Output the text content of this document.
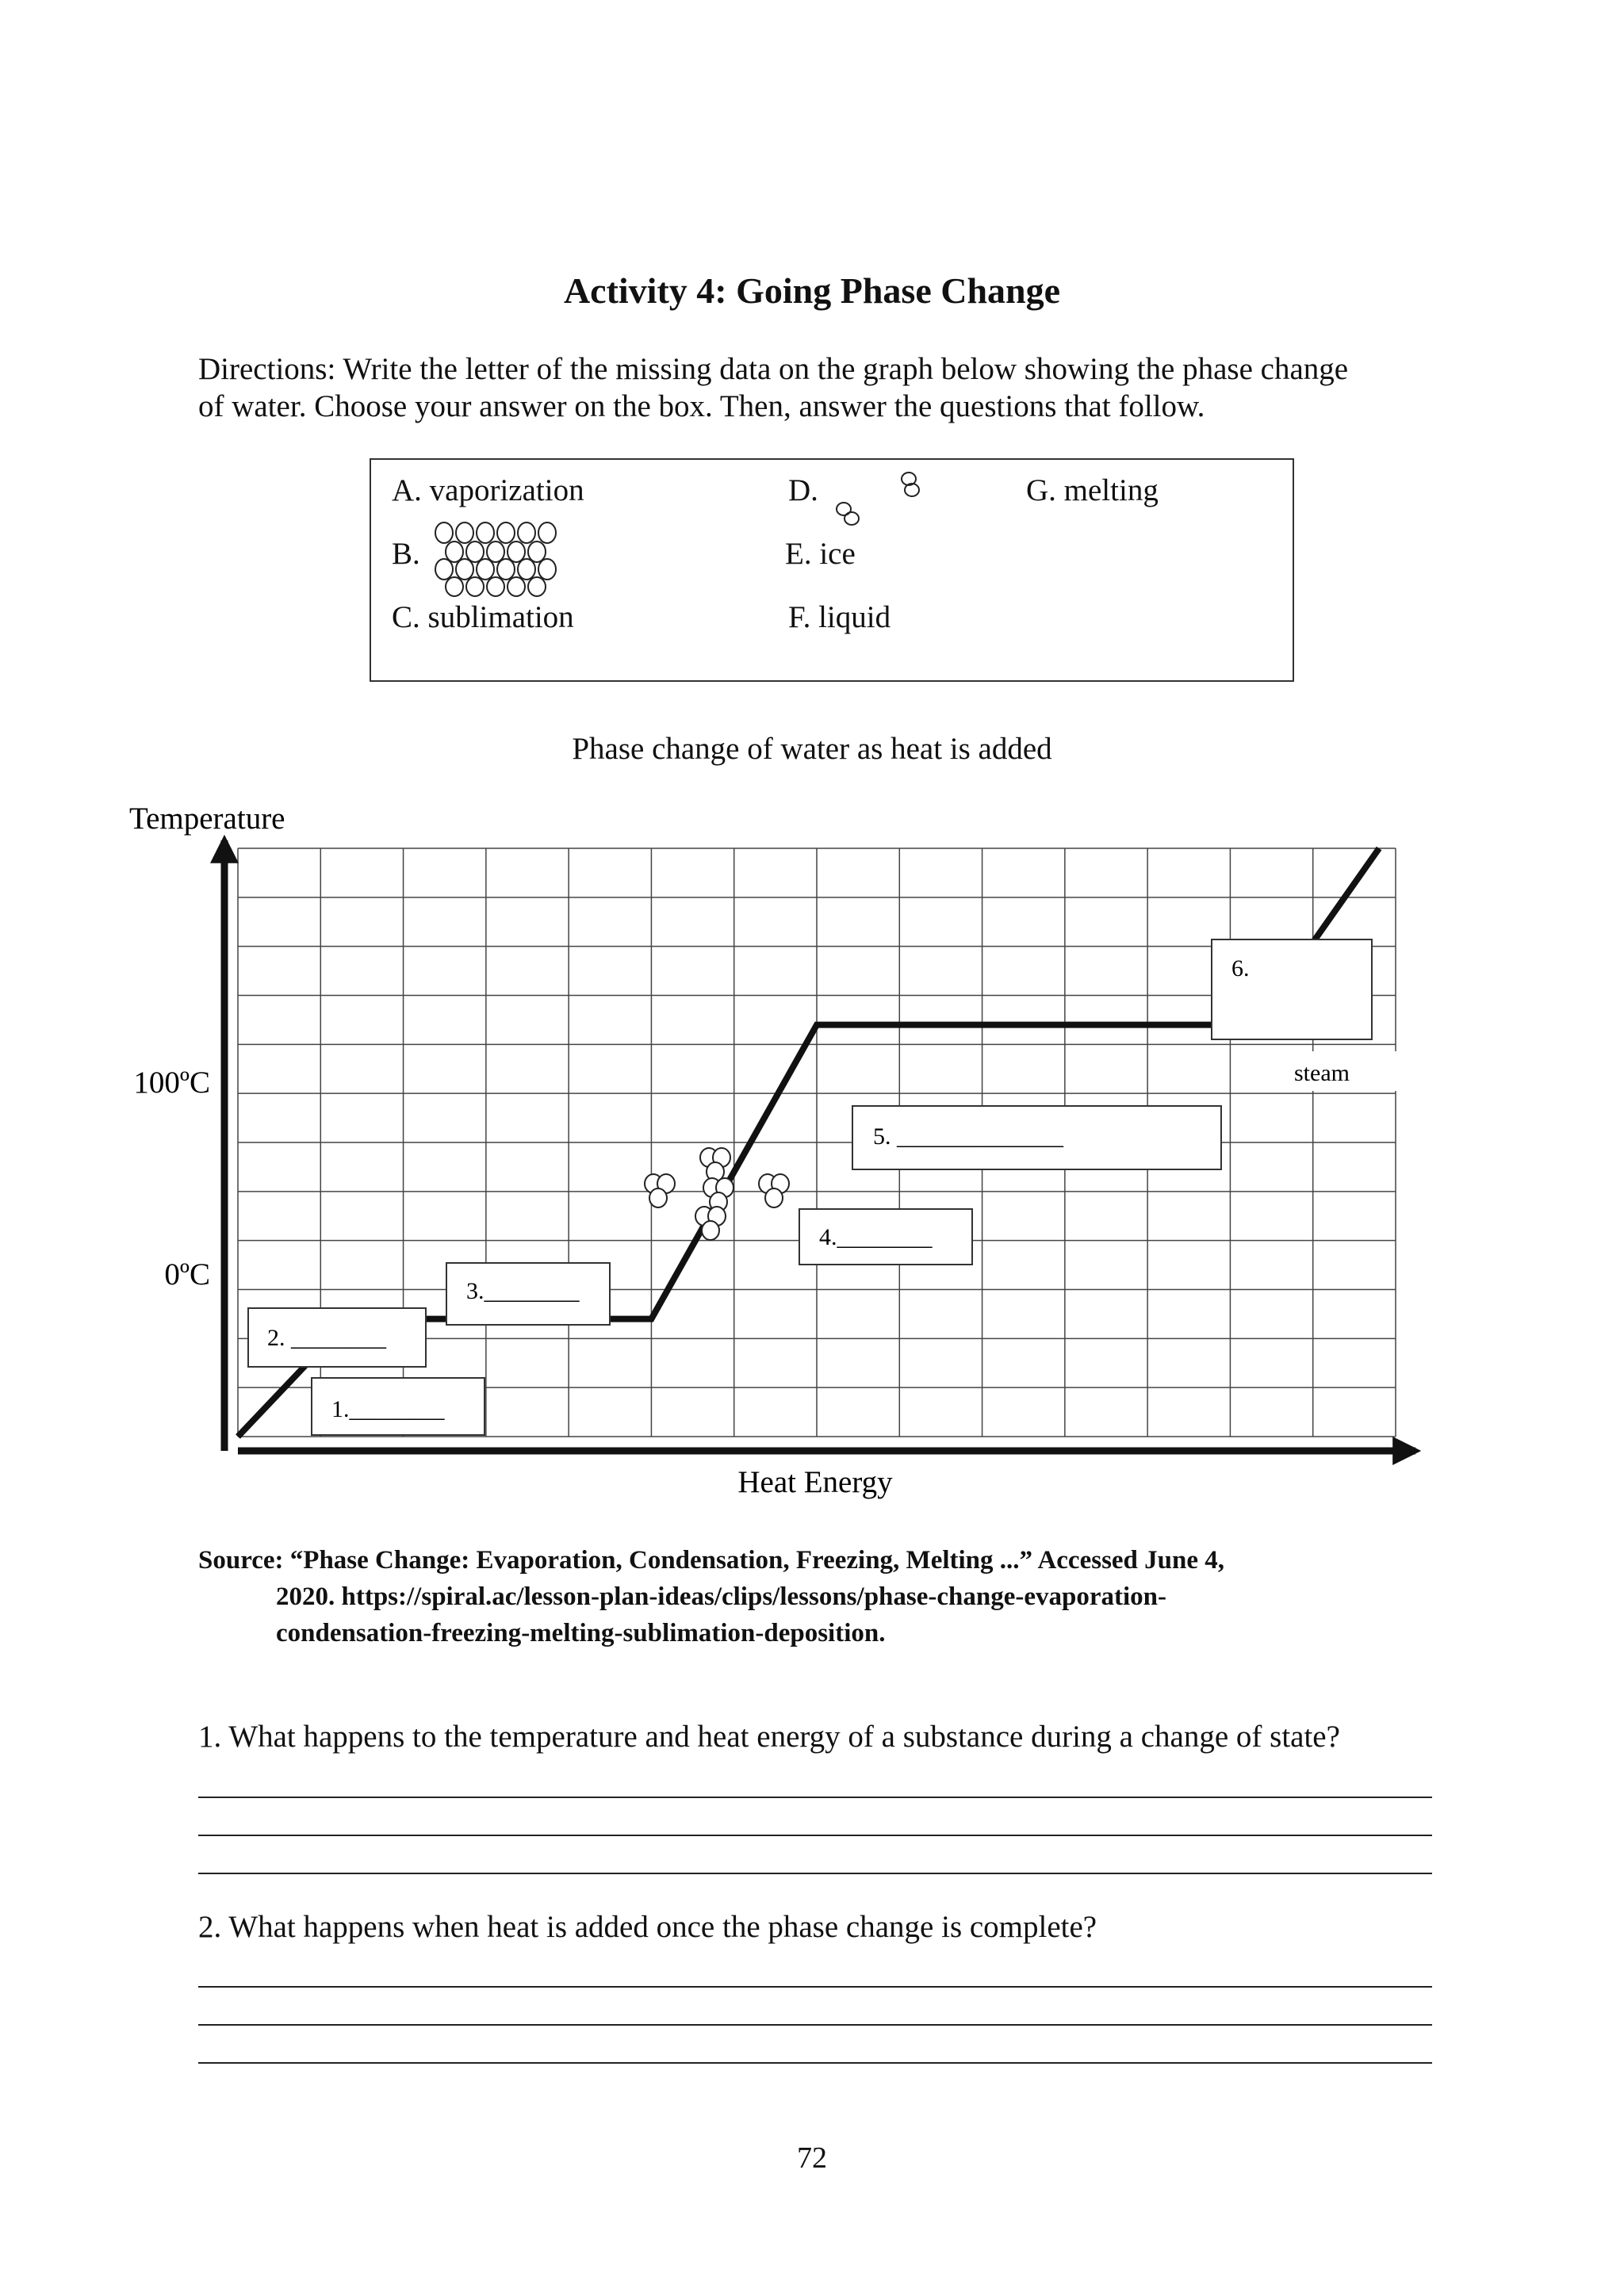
Activity 4: Going Phase Change
Directions: Write the letter of the missing data on the graph below showing the phase change
of water. Choose your answer on the box. Then, answer the questions that follow.
A. vaporization
B.
C. sublimation
D.
E. ice
F. liquid
G. melting
Phase change of water as heat is added
Temperature
Heat Energy
100ºC
0ºC
1.________
2. ________
3.________
4.________
5. ______________
6.
steam
Source: “Phase Change: Evaporation, Condensation, Freezing, Melting ...” Accessed June 4,
2020. https://spiral.ac/lesson-plan-ideas/clips/lessons/phase-change-evaporation-
condensation-freezing-melting-sublimation-deposition.
1. What happens to the temperature and heat energy of a substance during a change of state?
2. What happens when heat is added once the phase change is complete?
72
